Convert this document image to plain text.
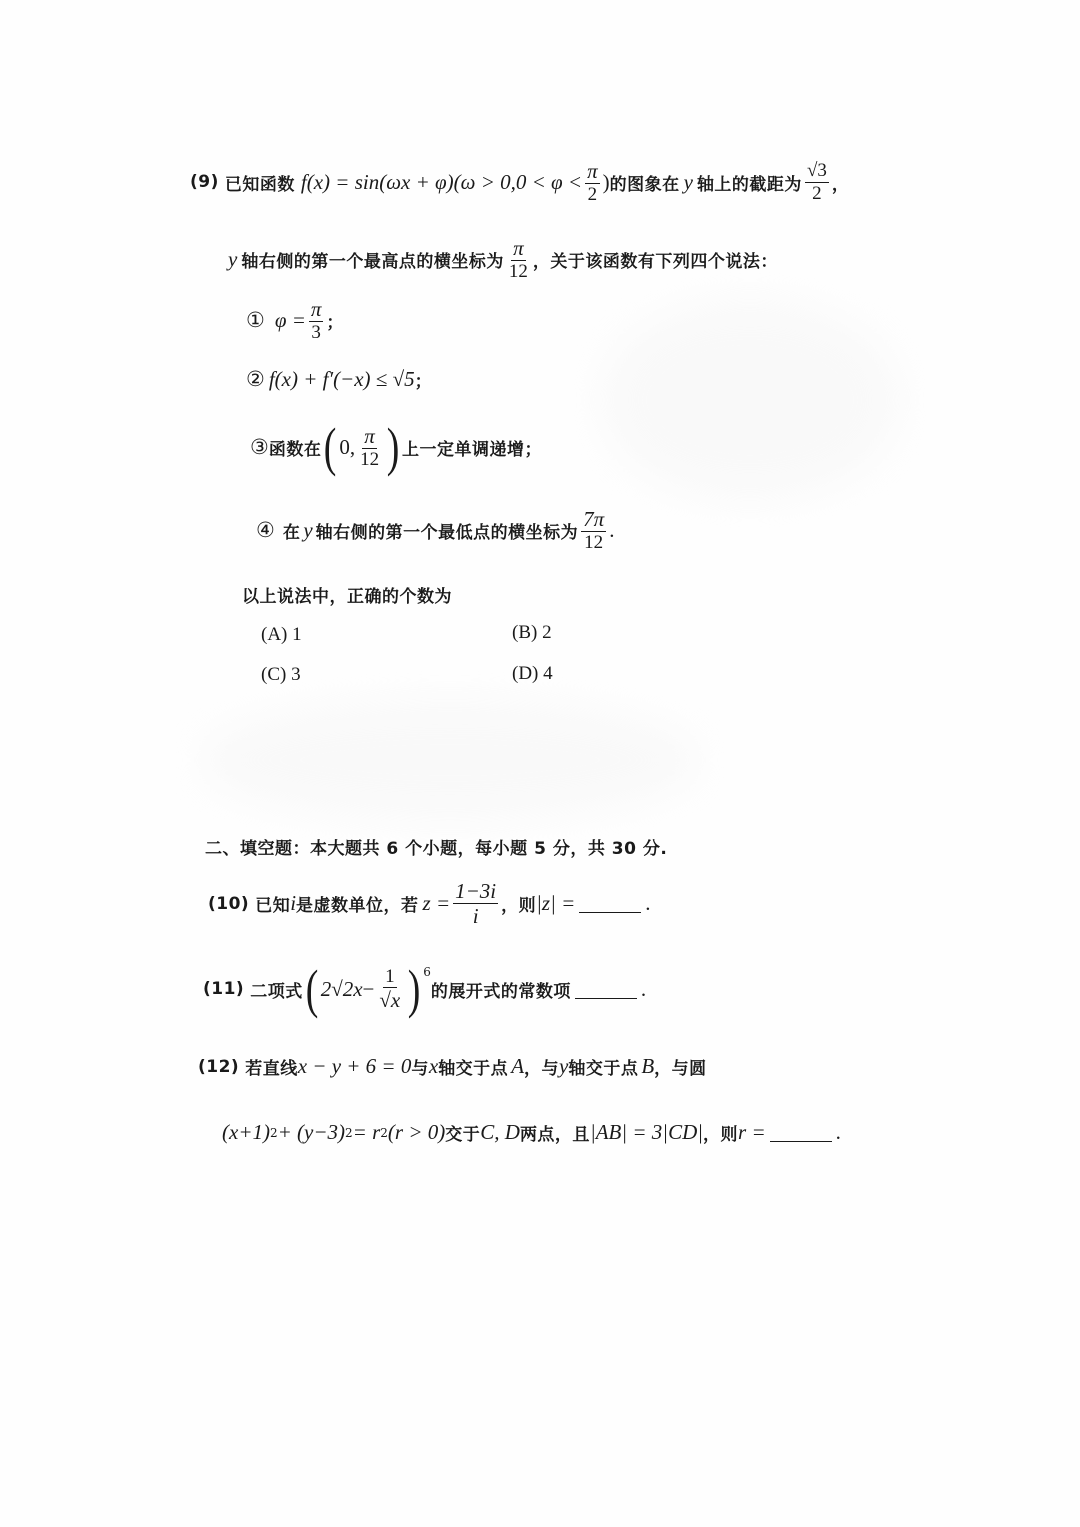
(9) 已知函数 $f(x) = \sin(\omega x + \varphi)(\omega > 0,0 < \varphi < \frac{\pi}{2}$ ) 的图象在 y 轴上的截距为 $\frac{√3}{2}$ ，
y 轴右侧的第一个最高点的横坐标为 $\frac{\pi}{12}$ ，关于该函数有下列四个说法：
① $\varphi = \frac{\pi}{3}$ ；
② f(x) + f′(−x) ≤ √5 ；
③ 函数在 ( 0, $\frac{\pi}{12}$ ) 上一定单调递增；
④ 在 y 轴右侧的第一个最低点的横坐标为 $\frac{7\pi}{12}$ .
以上说法中，正确的个数为
(A) 1	(B) 2
(C) 3	(D) 4
二、填空题：本大题共 6 个小题，每小题 5 分，共 30 分.
(10) 已知 i 是虚数单位，若 $z = \frac{1-3i}{i}$ ，则 |z| =	.
(11) 二项式 ( $2√2x - \frac{1}{√x}$ ) 6
的展开式的常数项	.
(12) 若直线 x − y + 6 = 0 与 x 轴交于点 A ，与 y 轴交于点 B ，与圆
(x+1) 2 + (y−3) 2 = r 2 (r > 0) 交于 C, D 两点，且 |AB| = 3|CD| ，则 r =	.
